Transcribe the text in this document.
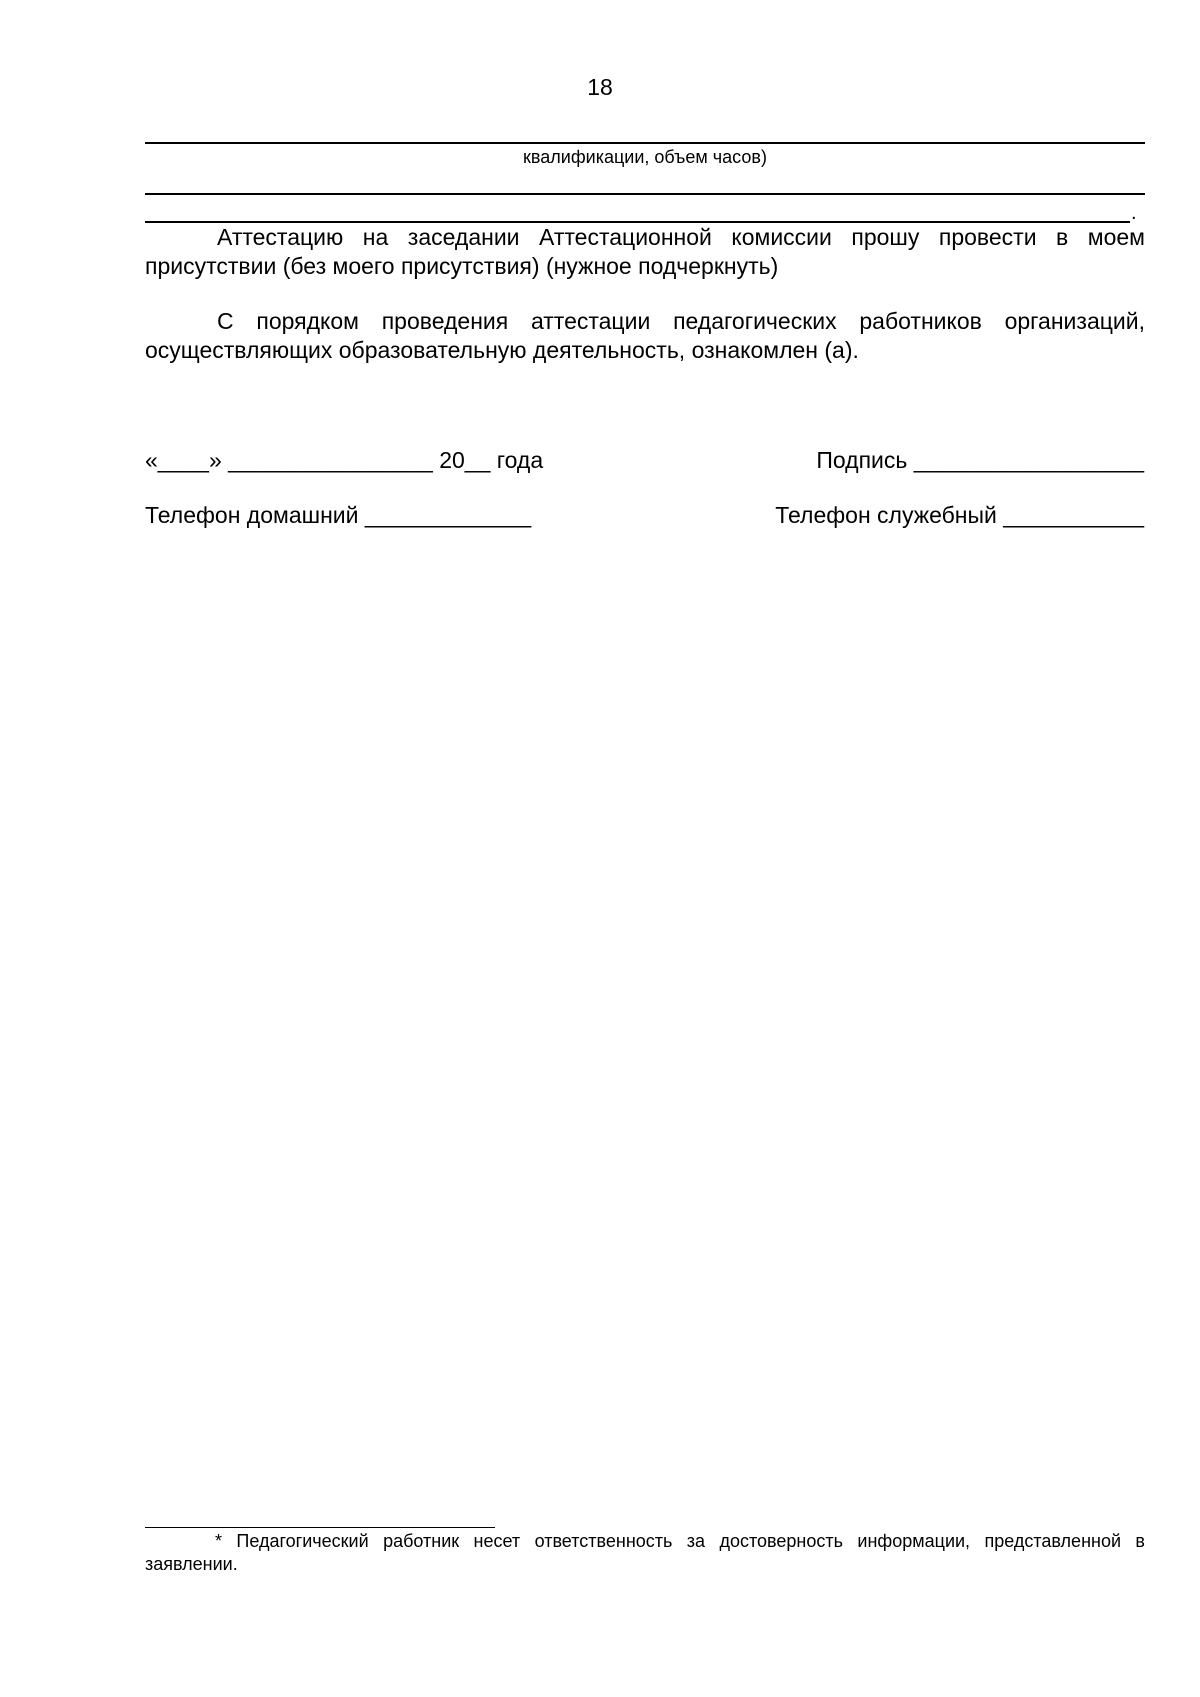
18
квалификации, объем часов)
.

Аттестацию на заседании Аттестационной комиссии прошу провести в моем присутствии (без моего присутствия) (нужное подчеркнуть)

С порядком проведения аттестации педагогических работников организаций, осуществляющих образовательную деятельность, ознакомлен (а).

«____» ________________ 20__ года	Подпись __________________
Телефон домашний _____________	Телефон служебный ___________

* Педагогический работник несет ответственность за достоверность информации, представленной в заявлении.
